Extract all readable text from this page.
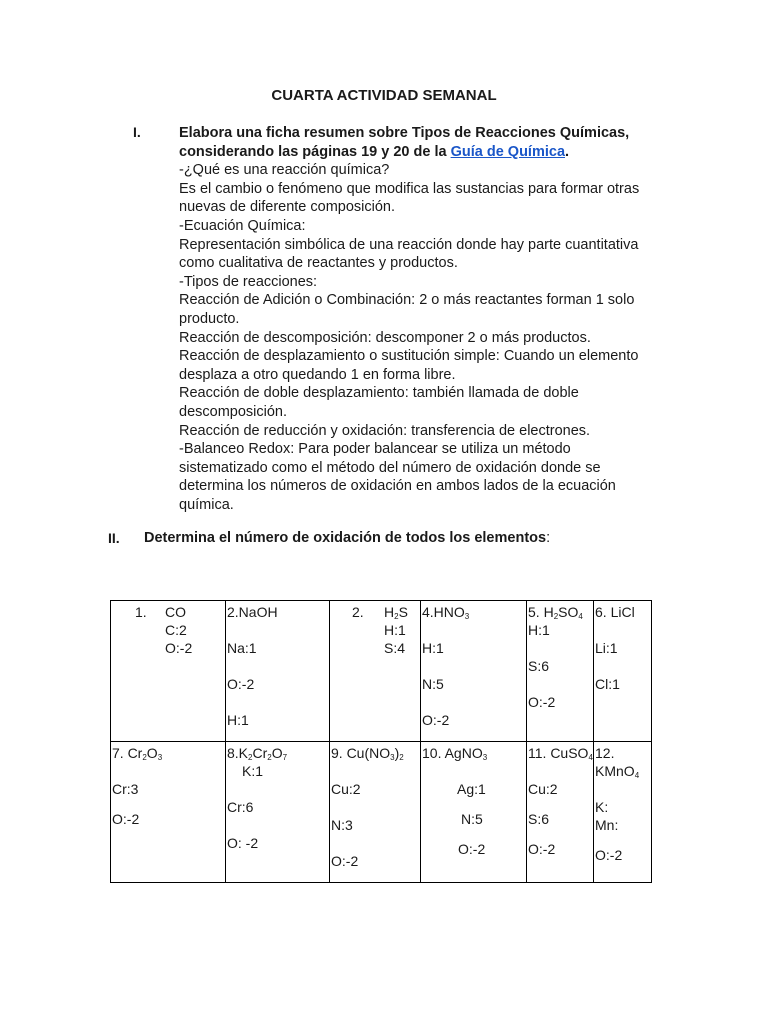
CUARTA ACTIVIDAD SEMANAL
I.	Elabora una ficha resumen sobre Tipos de Reacciones Químicas,
considerando las páginas 19 y 20 de la Guía de Química.
-¿Qué es una reacción química?
Es el cambio o fenómeno que modifica las sustancias para formar otras
nuevas de diferente composición.
-Ecuación Química:
Representación simbólica de una reacción donde hay parte cuantitativa
como cualitativa de reactantes y productos.
-Tipos de reacciones:
Reacción de Adición o Combinación: 2 o más reactantes forman 1 solo
producto.
Reacción de descomposición: descomponer 2 o más productos.
Reacción de desplazamiento o sustitución simple: Cuando un elemento
desplaza a otro quedando 1 en forma libre.
Reacción de doble desplazamiento: también llamada de doble
descomposición.
Reacción de reducción y oxidación: transferencia de electrones.
-Balanceo Redox: Para poder balancear se utiliza un método
sistematizado como el método del número de oxidación donde se
determina los números de oxidación en ambos lados de la ecuación
química.
II. Determina el número de oxidación de todos los elementos:
1. CO
C:2
O:-2	2.NaOH
Na:1
O:-2
H:1	2. $H_2S$
H:1
S:4	$4.HNO_3$
H:1
N:5
O:-2	5. $H_2SO_4$
H:1
S:6
O:-2	6. LiCl
Li:1
Cl:1

7. $Cr_2O_3$
Cr:3
O:-2	$8.K_2Cr_2O_7$
K:1
Cr:6
O: -2	9. $Cu(NO_3)_2$
Cu:2
N:3
O:-2	10. AgNO$_3$
Ag:1
N:5
O:-2	11. CuSO$_4$
Cu:2
S:6
O:-2	12.
KMnO$_4$
K:
Mn:
O:-2
